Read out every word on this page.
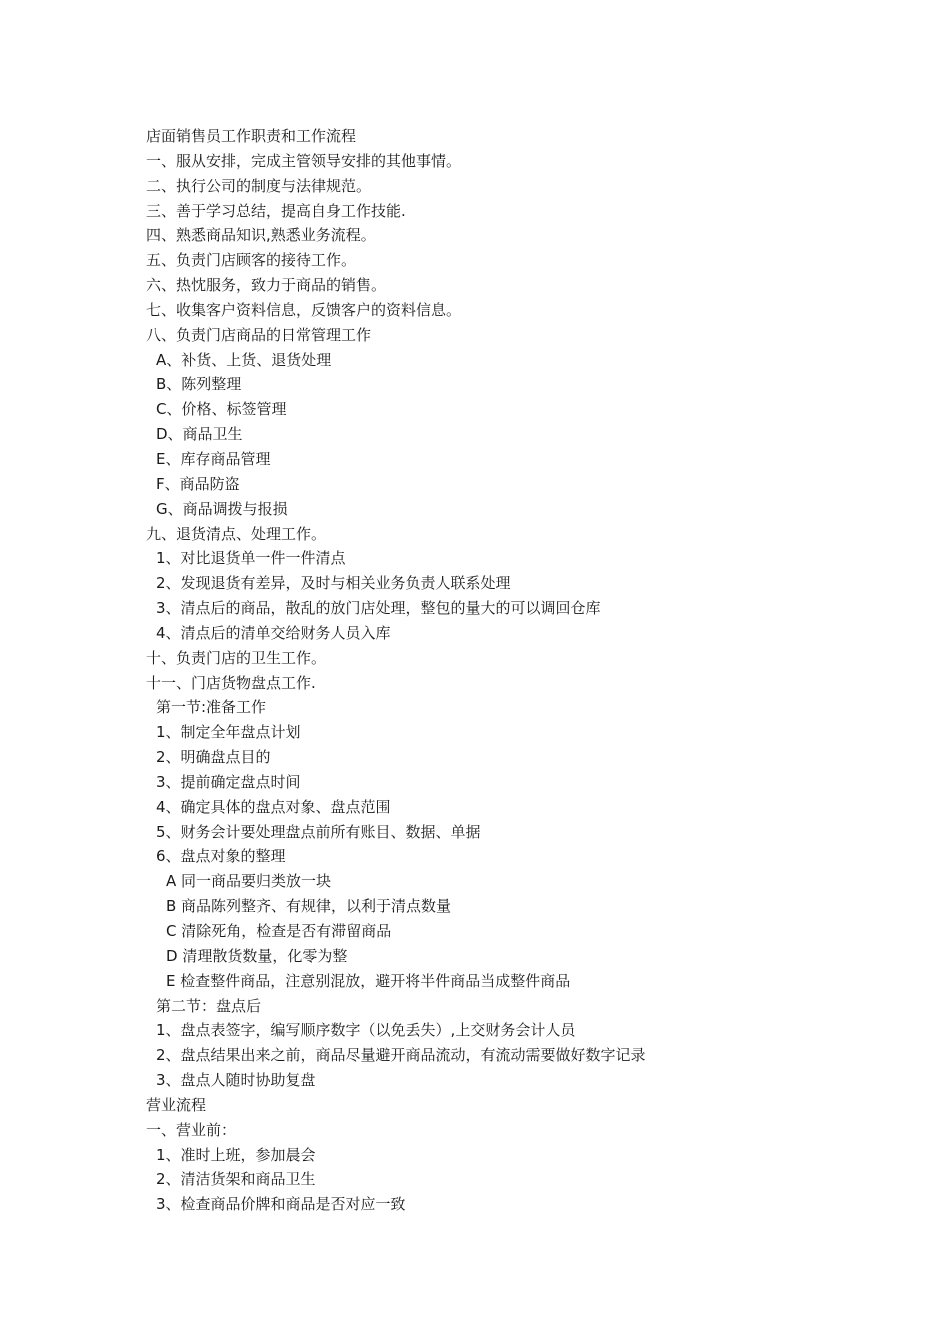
店面销售员工作职责和工作流程
一、服从安排，完成主管领导安排的其他事情。
二、执行公司的制度与法律规范。
三、善于学习总结，提高自身工作技能.
四、熟悉商品知识,熟悉业务流程。
五、负责门店顾客的接待工作。
六、热忱服务，致力于商品的销售。
七、收集客户资料信息，反馈客户的资料信息。
八、负责门店商品的日常管理工作
A、补货、上货、退货处理
B、陈列整理
C、价格、标签管理
D、商品卫生
E、库存商品管理
F、商品防盗
G、商品调拨与报损
九、退货清点、处理工作。
1、对比退货单一件一件清点
2、发现退货有差异，及时与相关业务负责人联系处理
3、清点后的商品，散乱的放门店处理，整包的量大的可以调回仓库
4、清点后的清单交给财务人员入库
十、负责门店的卫生工作。
十一、门店货物盘点工作.
第一节:准备工作
1、制定全年盘点计划
2、明确盘点目的
3、提前确定盘点时间
4、确定具体的盘点对象、盘点范围
5、财务会计要处理盘点前所有账目、数据、单据
6、盘点对象的整理
A 同一商品要归类放一块
B 商品陈列整齐、有规律，以利于清点数量
C 清除死角，检查是否有滞留商品
D 清理散货数量，化零为整
E 检查整件商品，注意别混放，避开将半件商品当成整件商品
第二节：盘点后
1、盘点表签字，编写顺序数字（以免丢失）,上交财务会计人员
2、盘点结果出来之前，商品尽量避开商品流动，有流动需要做好数字记录
3、盘点人随时协助复盘
营业流程
一、营业前：
1、准时上班，参加晨会
2、清洁货架和商品卫生
3、检查商品价牌和商品是否对应一致
